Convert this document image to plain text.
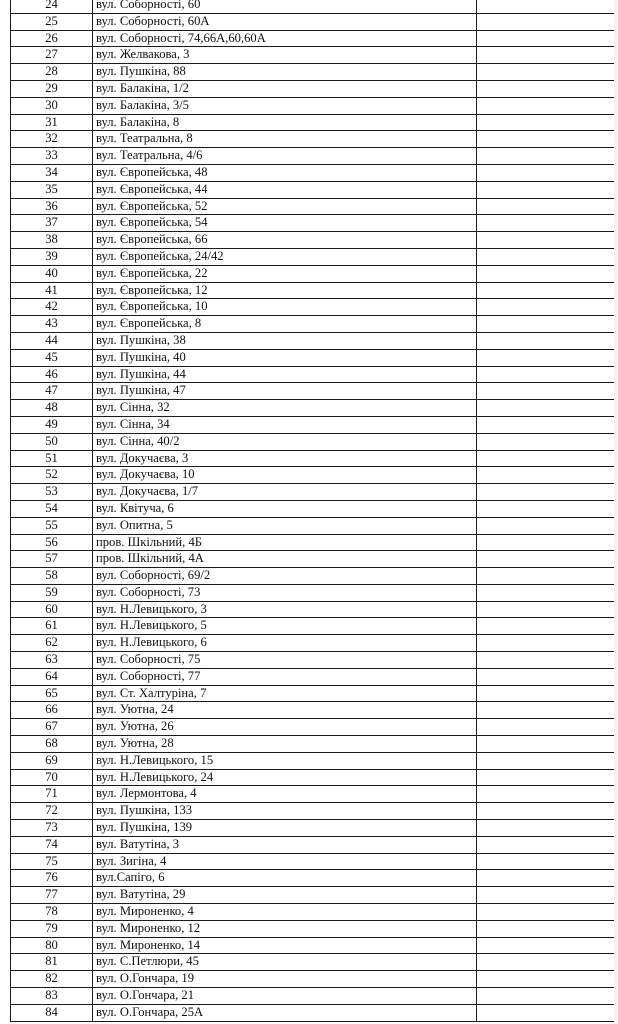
24	вул. Соборності, 60	
25	вул. Соборності, 60А	
26	вул. Соборності, 74,66А,60,60А	
27	вул. Желвакова, 3	
28	вул. Пушкіна, 88	
29	вул. Балакіна, 1/2	
30	вул. Балакіна, 3/5	
31	вул. Балакіна, 8	
32	вул. Театральна, 8	
33	вул. Театральна, 4/6	
34	вул. Європейська, 48	
35	вул. Європейська, 44	
36	вул. Європейська, 52	
37	вул. Європейська, 54	
38	вул. Європейська, 66	
39	вул. Європейська, 24/42	
40	вул. Європейська, 22	
41	вул. Європейська, 12	
42	вул. Європейська, 10	
43	вул. Європейська, 8	
44	вул. Пушкіна, 38	
45	вул. Пушкіна, 40	
46	вул. Пушкіна, 44	
47	вул. Пушкіна, 47	
48	вул. Сінна, 32	
49	вул. Сінна, 34	
50	вул. Сінна, 40/2	
51	вул. Докучаєва, 3	
52	вул. Докучаєва, 10	
53	вул. Докучаєва, 1/7	
54	вул. Квітуча, 6	
55	вул. Опитна, 5	
56	пров. Шкільний, 4Б	
57	пров. Шкільний, 4А	
58	вул. Соборності, 69/2	
59	вул. Соборності, 73	
60	вул. Н.Левицького, 3	
61	вул. Н.Левицького, 5	
62	вул. Н.Левицького, 6	
63	вул. Соборності, 75	
64	вул. Соборності, 77	
65	вул. Ст. Халтуріна, 7	
66	вул. Уютна, 24	
67	вул. Уютна, 26	
68	вул. Уютна, 28	
69	вул. Н.Левицького, 15	
70	вул. Н.Левицького, 24	
71	вул. Лермонтова, 4	
72	вул. Пушкіна, 133	
73	вул. Пушкіна, 139	
74	вул. Ватутіна, 3	
75	вул. Зигіна, 4	
76	вул.Сапіго, 6	
77	вул. Ватутіна, 29	
78	вул. Мироненко, 4	
79	вул. Мироненко, 12	
80	вул. Мироненко, 14	
81	вул. С.Петлюри, 45	
82	вул. О.Гончара, 19	
83	вул. О.Гончара, 21	
84	вул. О.Гончара, 25А	
